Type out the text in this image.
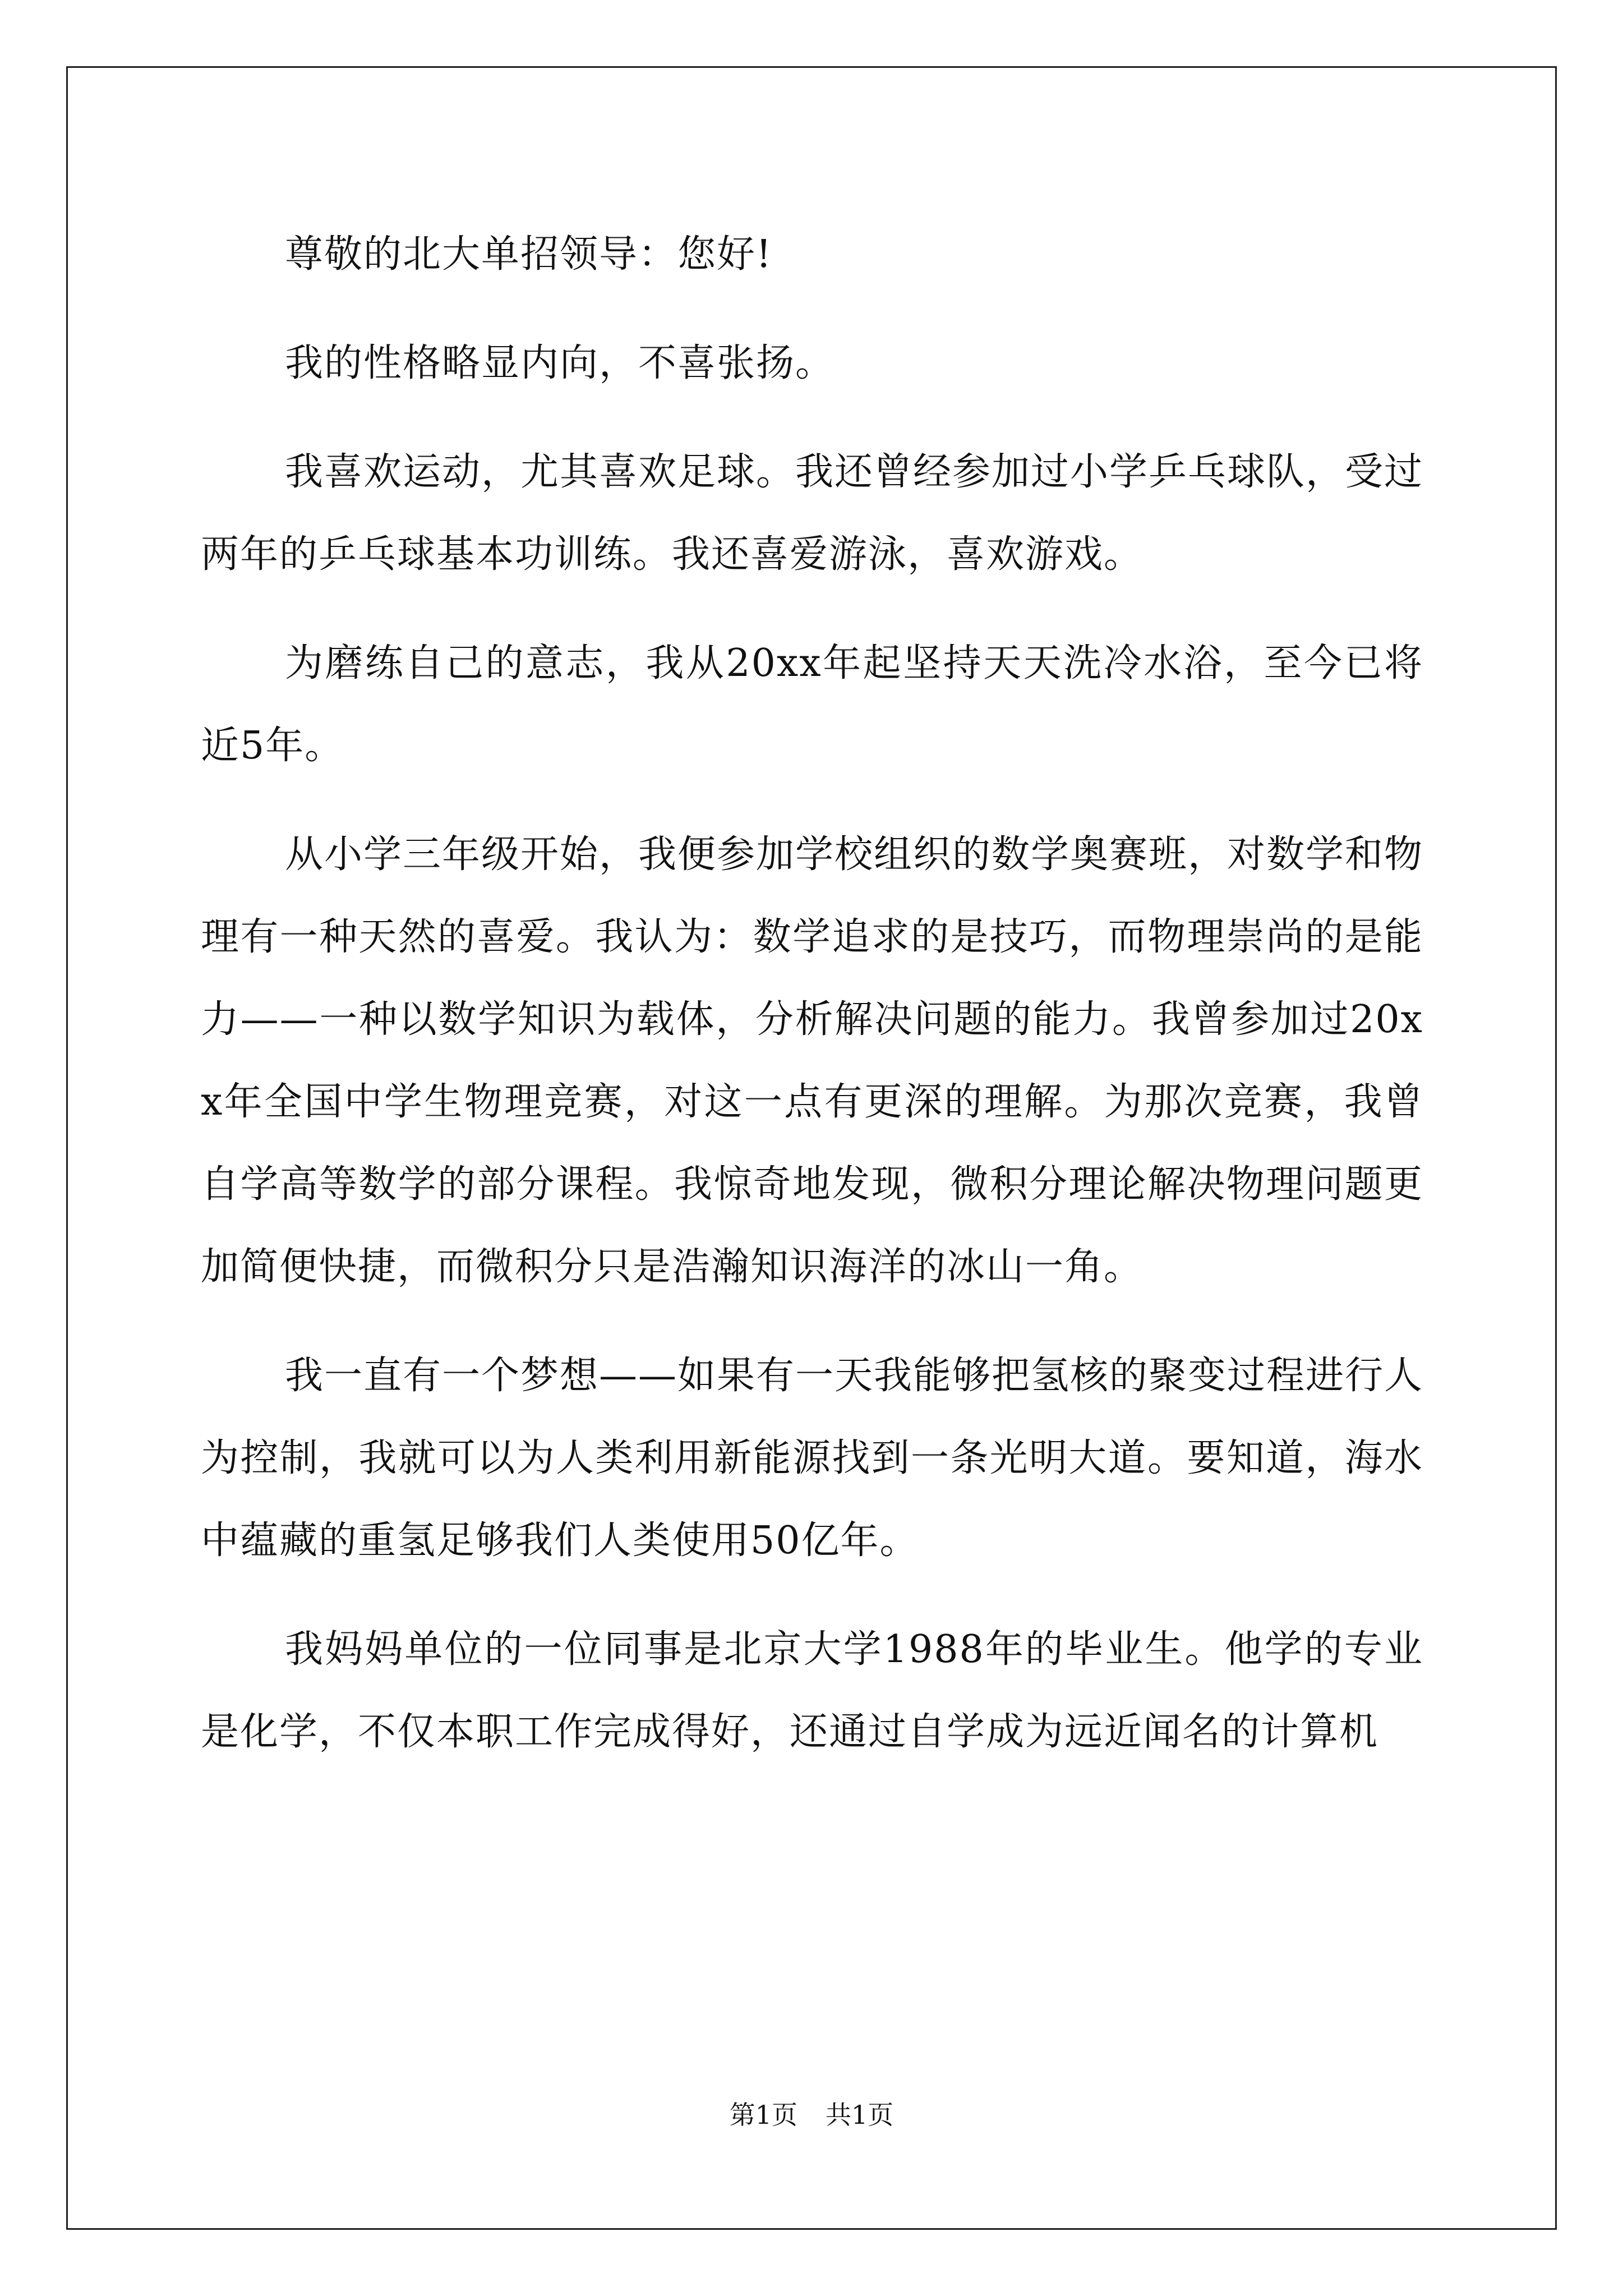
尊敬的北大单招领导：您好!

我的性格略显内向，不喜张扬。

我喜欢运动，尤其喜欢足球。我还曾经参加过小学乒乓球队，受过两年的乒乓球基本功训练。我还喜爱游泳，喜欢游戏。

为磨练自己的意志，我从20xx年起坚持天天洗冷水浴，至今已将近5年。

从小学三年级开始，我便参加学校组织的数学奥赛班，对数学和物理有一种天然的喜爱。我认为：数学追求的是技巧，而物理崇尚的是能力——一种以数学知识为载体，分析解决问题的能力。我曾参加过20xx年全国中学生物理竞赛，对这一点有更深的理解。为那次竞赛，我曾自学高等数学的部分课程。我惊奇地发现，微积分理论解决物理问题更加简便快捷，而微积分只是浩瀚知识海洋的冰山一角。

我一直有一个梦想——如果有一天我能够把氢核的聚变过程进行人为控制，我就可以为人类利用新能源找到一条光明大道。要知道，海水中蕴藏的重氢足够我们人类使用50亿年。

我妈妈单位的一位同事是北京大学1988年的毕业生。他学的专业是化学，不仅本职工作完成得好，还通过自学成为远近闻名的计算机

第1页 共1页
